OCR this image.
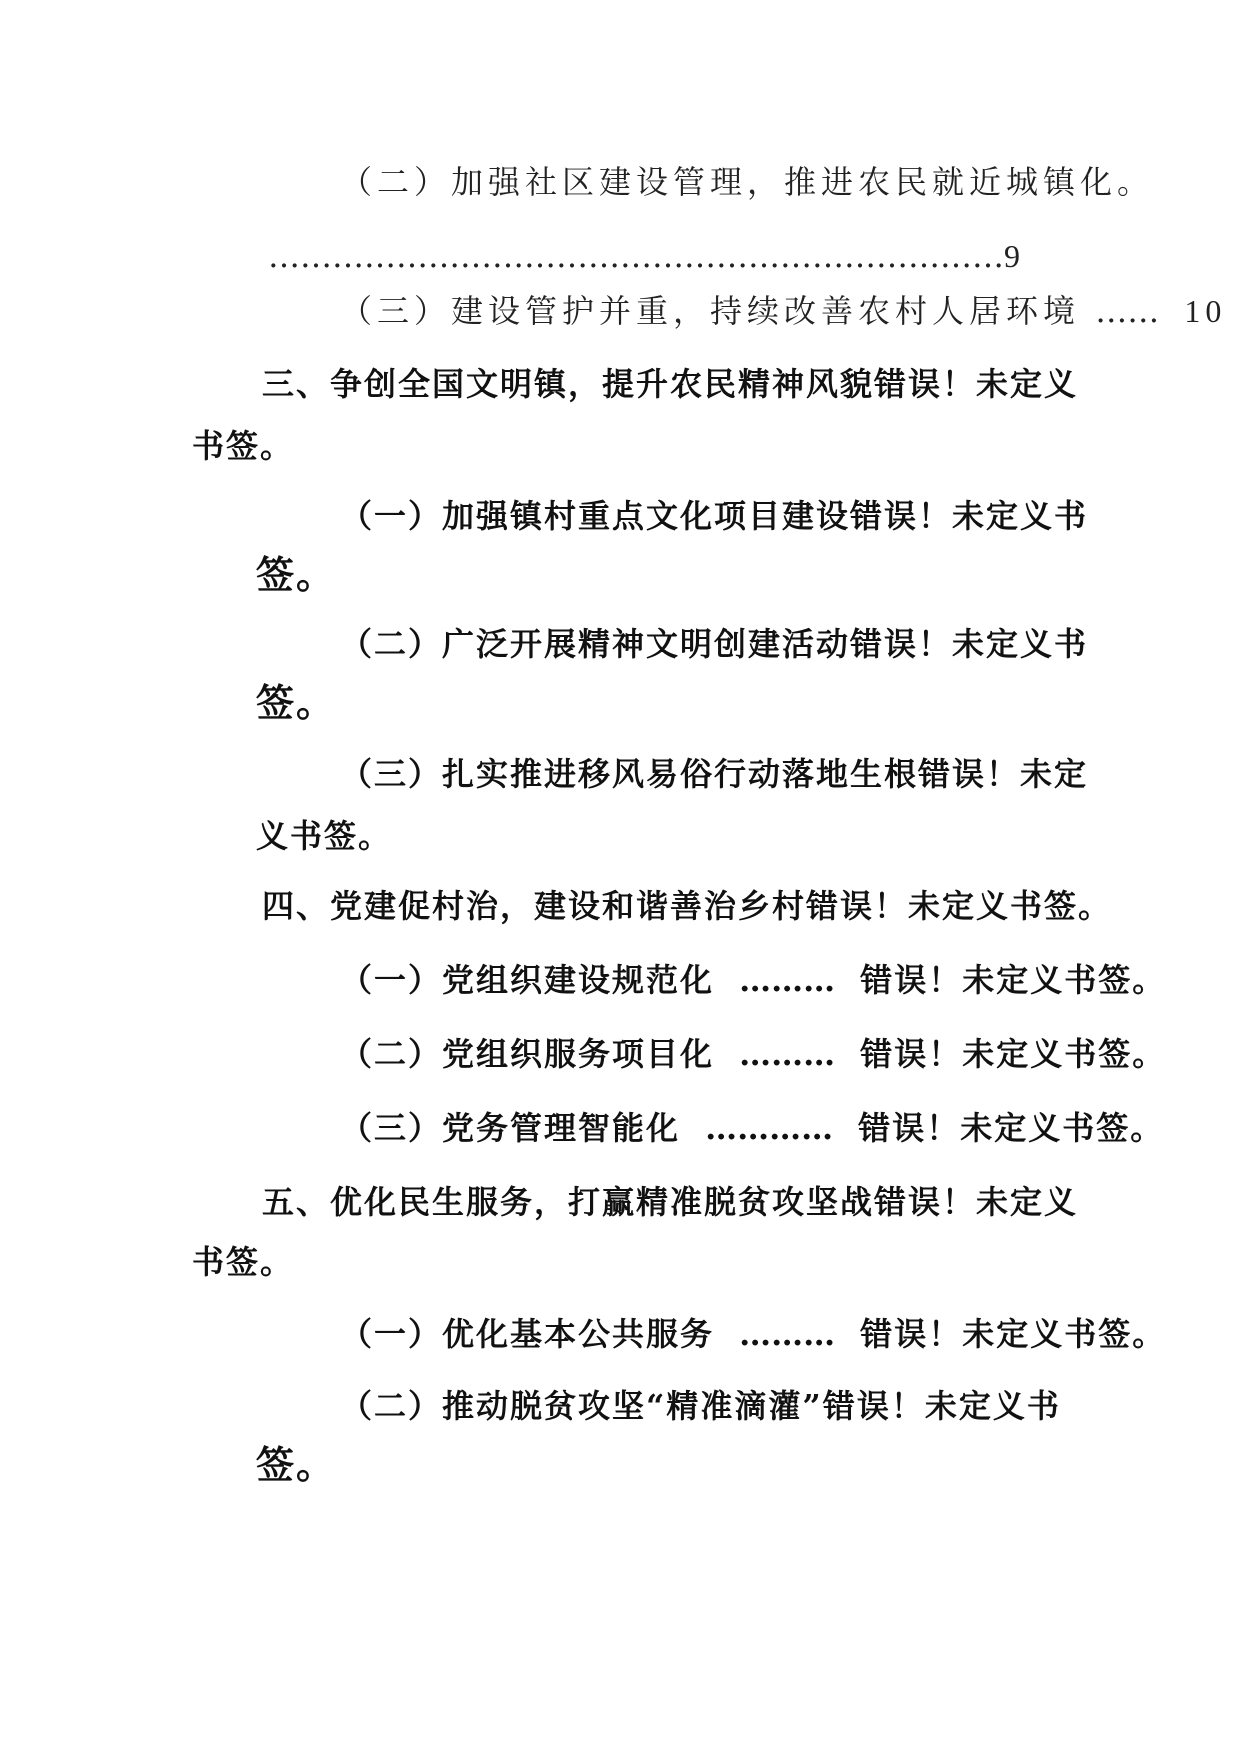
（二）加强社区建设管理，推进农民就近城镇化。
……………………………………………………………9
（三）建设管护并重，持续改善农村人居环境 …… 10
三、争创全国文明镇，提升农民精神风貌错误！未定义
书签。
（一）加强镇村重点文化项目建设错误！未定义书
签。
（二）广泛开展精神文明创建活动错误！未定义书
签。
（三）扎实推进移风易俗行动落地生根错误！未定
义书签。
四、党建促村治，建设和谐善治乡村错误！未定义书签。
（一）党组织建设规范化 ……… 错误！未定义书签。
（二）党组织服务项目化 ……… 错误！未定义书签。
（三）党务管理智能化 ………… 错误！未定义书签。
五、优化民生服务，打赢精准脱贫攻坚战错误！未定义
书签。
（一）优化基本公共服务 ……… 错误！未定义书签。
（二）推动脱贫攻坚“精准滴灌”错误！未定义书
签。
